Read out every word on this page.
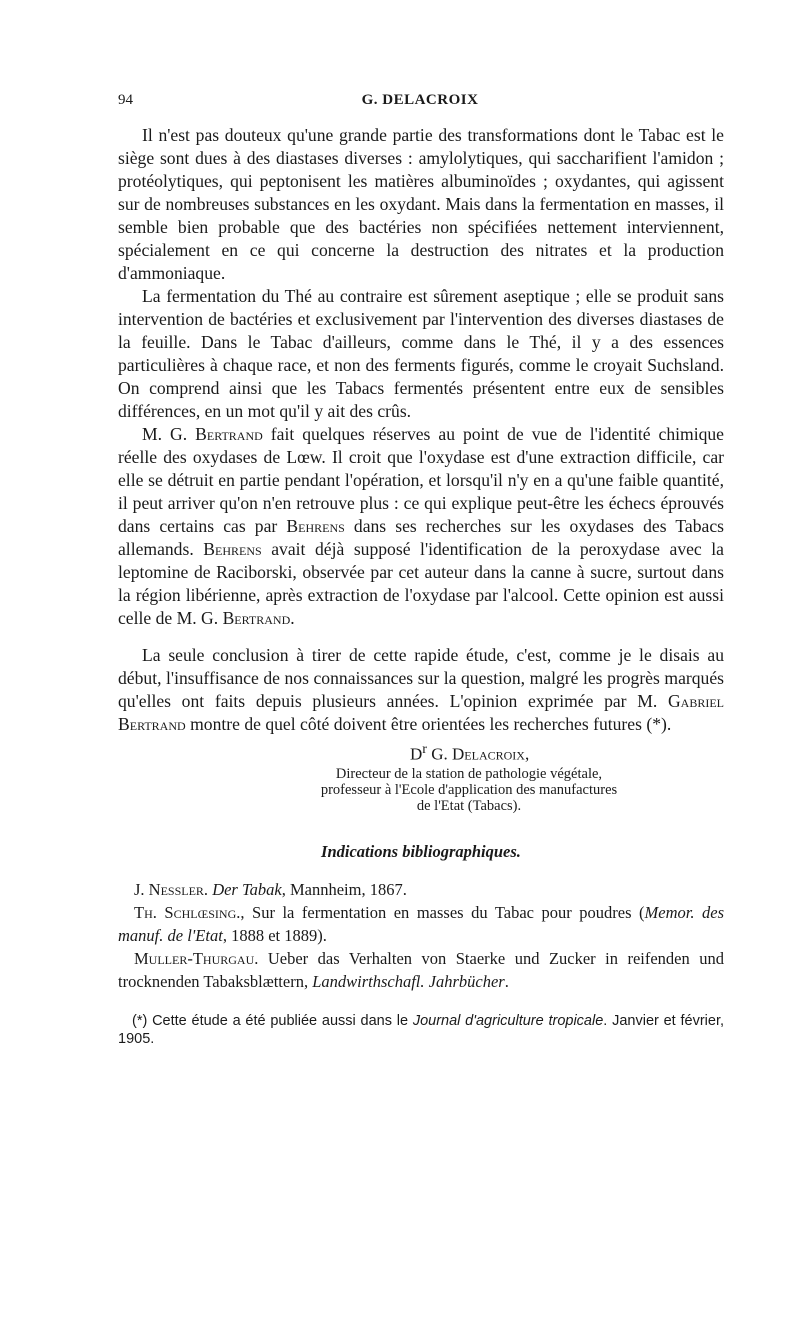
94	G. DELACROIX

Il n'est pas douteux qu'une grande partie des transformations dont le Tabac est le siège sont dues à des diastases diverses : amylolytiques, qui saccharifient l'amidon ; protéolytiques, qui peptonisent les matières albuminoïdes ; oxydantes, qui agissent sur de nombreuses substances en les oxydant. Mais dans la fermentation en masses, il semble bien probable que des bactéries non spécifiées nettement interviennent, spécialement en ce qui concerne la destruction des nitrates et la production d'ammoniaque.

La fermentation du Thé au contraire est sûrement aseptique ; elle se produit sans intervention de bactéries et exclusivement par l'intervention des diverses diastases de la feuille. Dans le Tabac d'ailleurs, comme dans le Thé, il y a des essences particulières à chaque race, et non des ferments figurés, comme le croyait Suchsland. On comprend ainsi que les Tabacs fermentés présentent entre eux de sensibles différences, en un mot qu'il y ait des crûs.

M. G. Bertrand fait quelques réserves au point de vue de l'identité chimique réelle des oxydases de Lœw. Il croit que l'oxydase est d'une extraction difficile, car elle se détruit en partie pendant l'opération, et lorsqu'il n'y en a qu'une faible quantité, il peut arriver qu'on n'en retrouve plus : ce qui explique peut-être les échecs éprouvés dans certains cas par Behrens dans ses recherches sur les oxydases des Tabacs allemands. Behrens avait déjà supposé l'identification de la peroxydase avec la leptomine de Raciborski, observée par cet auteur dans la canne à sucre, surtout dans la région libérienne, après extraction de l'oxydase par l'alcool. Cette opinion est aussi celle de M. G. Bertrand.

La seule conclusion à tirer de cette rapide étude, c'est, comme je le disais au début, l'insuffisance de nos connaissances sur la question, malgré les progrès marqués qu'elles ont faits depuis plusieurs années. L'opinion exprimée par M. Gabriel Bertrand montre de quel côté doivent être orientées les recherches futures (*).

$D^r$ G. Delacroix,
Directeur de la station de pathologie végétale,
professeur à l'Ecole d'application des manufactures
de l'Etat (Tabacs).
Indications bibliographiques.

J. Nessler. Der Tabak, Mannheim, 1867.

Th. Schlœsing., Sur la fermentation en masses du Tabac pour poudres (Memor. des manuf. de l'Etat, 1888 et 1889).

Muller-Thurgau. Ueber das Verhalten von Staerke und Zucker in reifenden und trocknenden Tabaksblættern, Landwirthschafl. Jahrbücher.

(*) Cette étude a été publiée aussi dans le Journal d'agriculture tropicale. Janvier et février, 1905.
